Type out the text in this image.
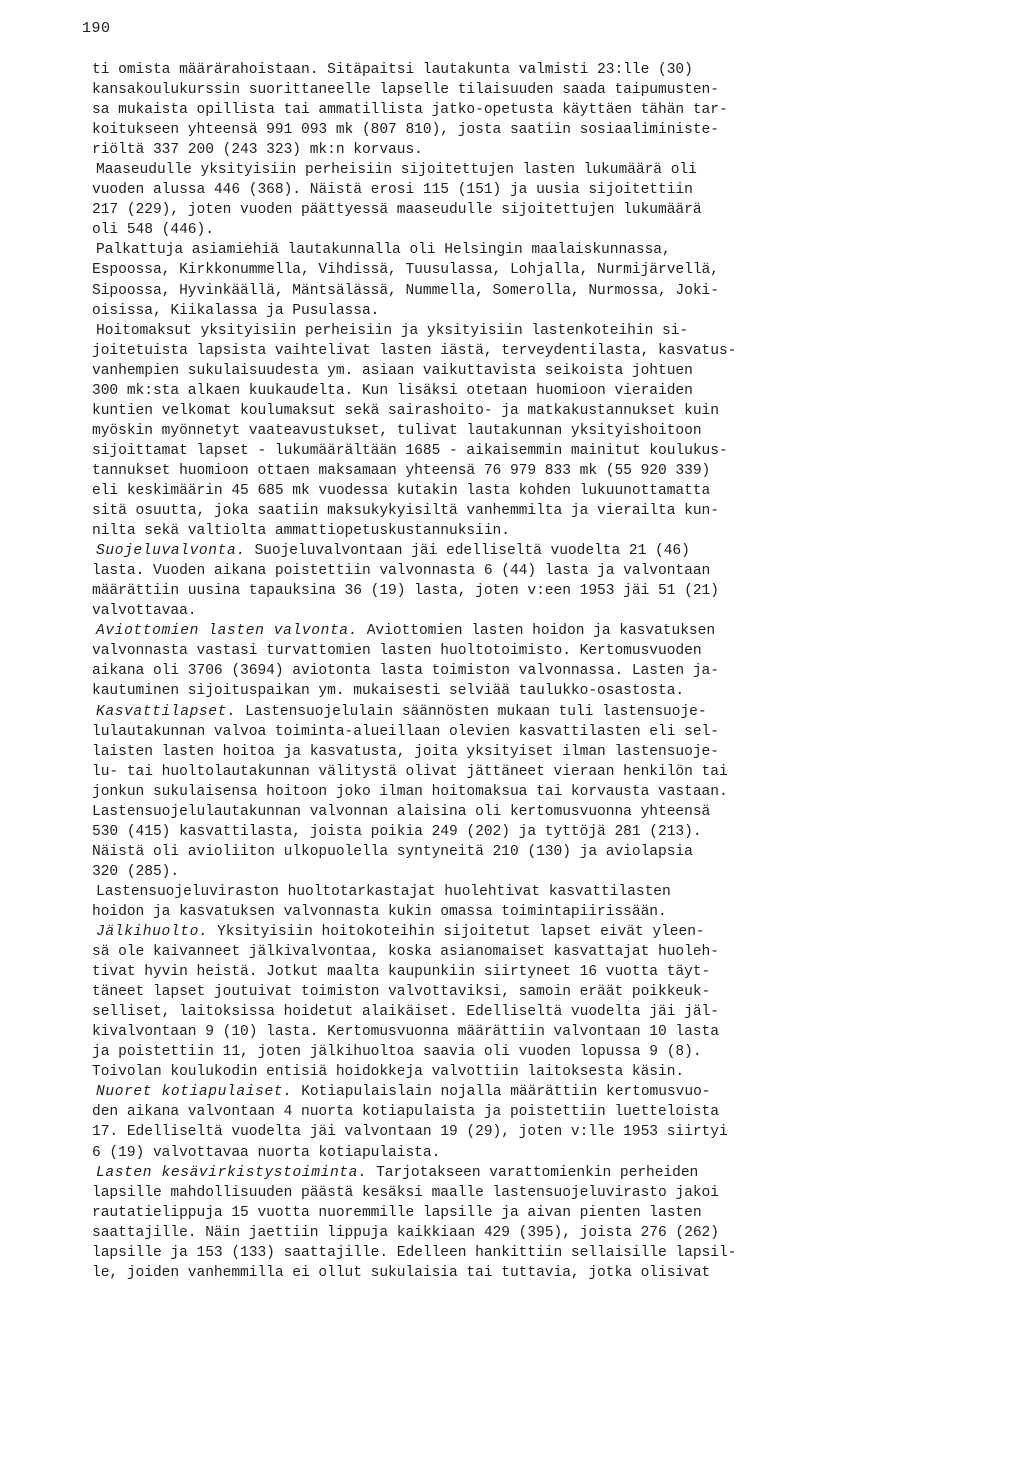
190
ti omista määrärahoistaan. Sitäpaitsi lautakunta valmisti 23:lle (30)
kansakoulukurssin suorittaneelle lapselle tilaisuuden saada taipumusten-
sa mukaista opillista tai ammatillista jatko-opetusta käyttäen tähän tar-
koitukseen yhteensä 991 093 mk (807 810), josta saatiin sosiaaliministe-
riöltä 337 200 (243 323) mk:n korvaus.
Maaseudulle yksityisiin perheisiin sijoitettujen lasten lukumäärä oli
vuoden alussa 446 (368). Näistä erosi 115 (151) ja uusia sijoitettiin
217 (229), joten vuoden päättyessä maaseudulle sijoitettujen lukumäärä
oli 548 (446).
Palkattuja asiamiehiä lautakunnalla oli Helsingin maalaiskunnassa,
Espoossa, Kirkkonummella, Vihdissä, Tuusulassa, Lohjalla, Nurmijärvellä,
Sipoossa, Hyvinkäällä, Mäntsälässä, Nummella, Somerolla, Nurmossa, Joki-
oisissa, Kiikalassa ja Pusulassa.
Hoitomaksut yksityisiin perheisiin ja yksityisiin lastenkoteihin si-
joitetuista lapsista vaihtelivat lasten iästä, terveydentilasta, kasvatus-
vanhempien sukulaisuudesta ym. asiaan vaikuttavista seikoista johtuen
300 mk:sta alkaen kuukaudelta. Kun lisäksi otetaan huomioon vieraiden
kuntien velkomat koulumaksut sekä sairashoito- ja matkakustannukset kuin
myöskin myönnetyt vaateavustukset, tulivat lautakunnan yksityishoitoon
sijoittamat lapset - lukumäärältään 1685 - aikaisemmin mainitut koulukus-
tannukset huomioon ottaen maksamaan yhteensä 76 979 833 mk (55 920 339)
eli keskimäärin 45 685 mk vuodessa kutakin lasta kohden lukuunottamatta
sitä osuutta, joka saatiin maksukykyisiltä vanhemmilta ja vierailta kun-
nilta sekä valtiolta ammattiopetuskustannuksiin.
Suojeluvalvonta. Suojeluvalvontaan jäi edelliseltä vuodelta 21 (46)
lasta. Vuoden aikana poistettiin valvonnasta 6 (44) lasta ja valvontaan
määrättiin uusina tapauksina 36 (19) lasta, joten v:een 1953 jäi 51 (21)
valvottavaa.
Aviottomien lasten valvonta. Aviottomien lasten hoidon ja kasvatuksen
valvonnasta vastasi turvattomien lasten huoltotoimisto. Kertomusvuoden
aikana oli 3706 (3694) aviotonta lasta toimiston valvonnassa. Lasten ja-
kautuminen sijoituspaikan ym. mukaisesti selviää taulukko-osastosta.
Kasvattilapset. Lastensuojelulain säännösten mukaan tuli lastensuoje-
lulautakunnan valvoa toiminta-alueillaan olevien kasvattilasten eli sel-
laisten lasten hoitoa ja kasvatusta, joita yksityiset ilman lastensuoje-
lu- tai huoltolautakunnan välitystä olivat jättäneet vieraan henkilön tai
jonkun sukulaisensa hoitoon joko ilman hoitomaksua tai korvausta vastaan.
Lastensuojelulautakunnan valvonnan alaisina oli kertomusvuonna yhteensä
530 (415) kasvattilasta, joista poikia 249 (202) ja tyttöjä 281 (213).
Näistä oli avioliiton ulkopuolella syntyneitä 210 (130) ja aviolapsia
320 (285).
Lastensuojeluviraston huoltotarkastajat huolehtivat kasvattilasten
hoidon ja kasvatuksen valvonnasta kukin omassa toimintapiirissään.
Jälkihuolto. Yksityisiin hoitokoteihin sijoitetut lapset eivät yleen-
sä ole kaivanneet jälkivalvontaa, koska asianomaiset kasvattajat huoleh-
tivat hyvin heistä. Jotkut maalta kaupunkiin siirtyneet 16 vuotta täyt-
täneet lapset joutuivat toimiston valvottaviksi, samoin eräät poikkeuk-
selliset, laitoksissa hoidetut alaikäiset. Edelliseltä vuodelta jäi jäl-
kivalvontaan 9 (10) lasta. Kertomusvuonna määrättiin valvontaan 10 lasta
ja poistettiin 11, joten jälkihuoltoa saavia oli vuoden lopussa 9 (8).
Toivolan koulukodin entisiä hoidokkeja valvottiin laitoksesta käsin.
Nuoret kotiapulaiset. Kotiapulaislain nojalla määrättiin kertomusvuo-
den aikana valvontaan 4 nuorta kotiapulaista ja poistettiin luetteloista
17. Edelliseltä vuodelta jäi valvontaan 19 (29), joten v:lle 1953 siirtyi
6 (19) valvottavaa nuorta kotiapulaista.
Lasten kesävirkistystoiminta. Tarjotakseen varattomienkin perheiden
lapsille mahdollisuuden päästä kesäksi maalle lastensuojeluvirasto jakoi
rautatielippuja 15 vuotta nuoremmille lapsille ja aivan pienten lasten
saattajille. Näin jaettiin lippuja kaikkiaan 429 (395), joista 276 (262)
lapsille ja 153 (133) saattajille. Edelleen hankittiin sellaisille lapsil-
le, joiden vanhemmilla ei ollut sukulaisia tai tuttavia, jotka olisivat
